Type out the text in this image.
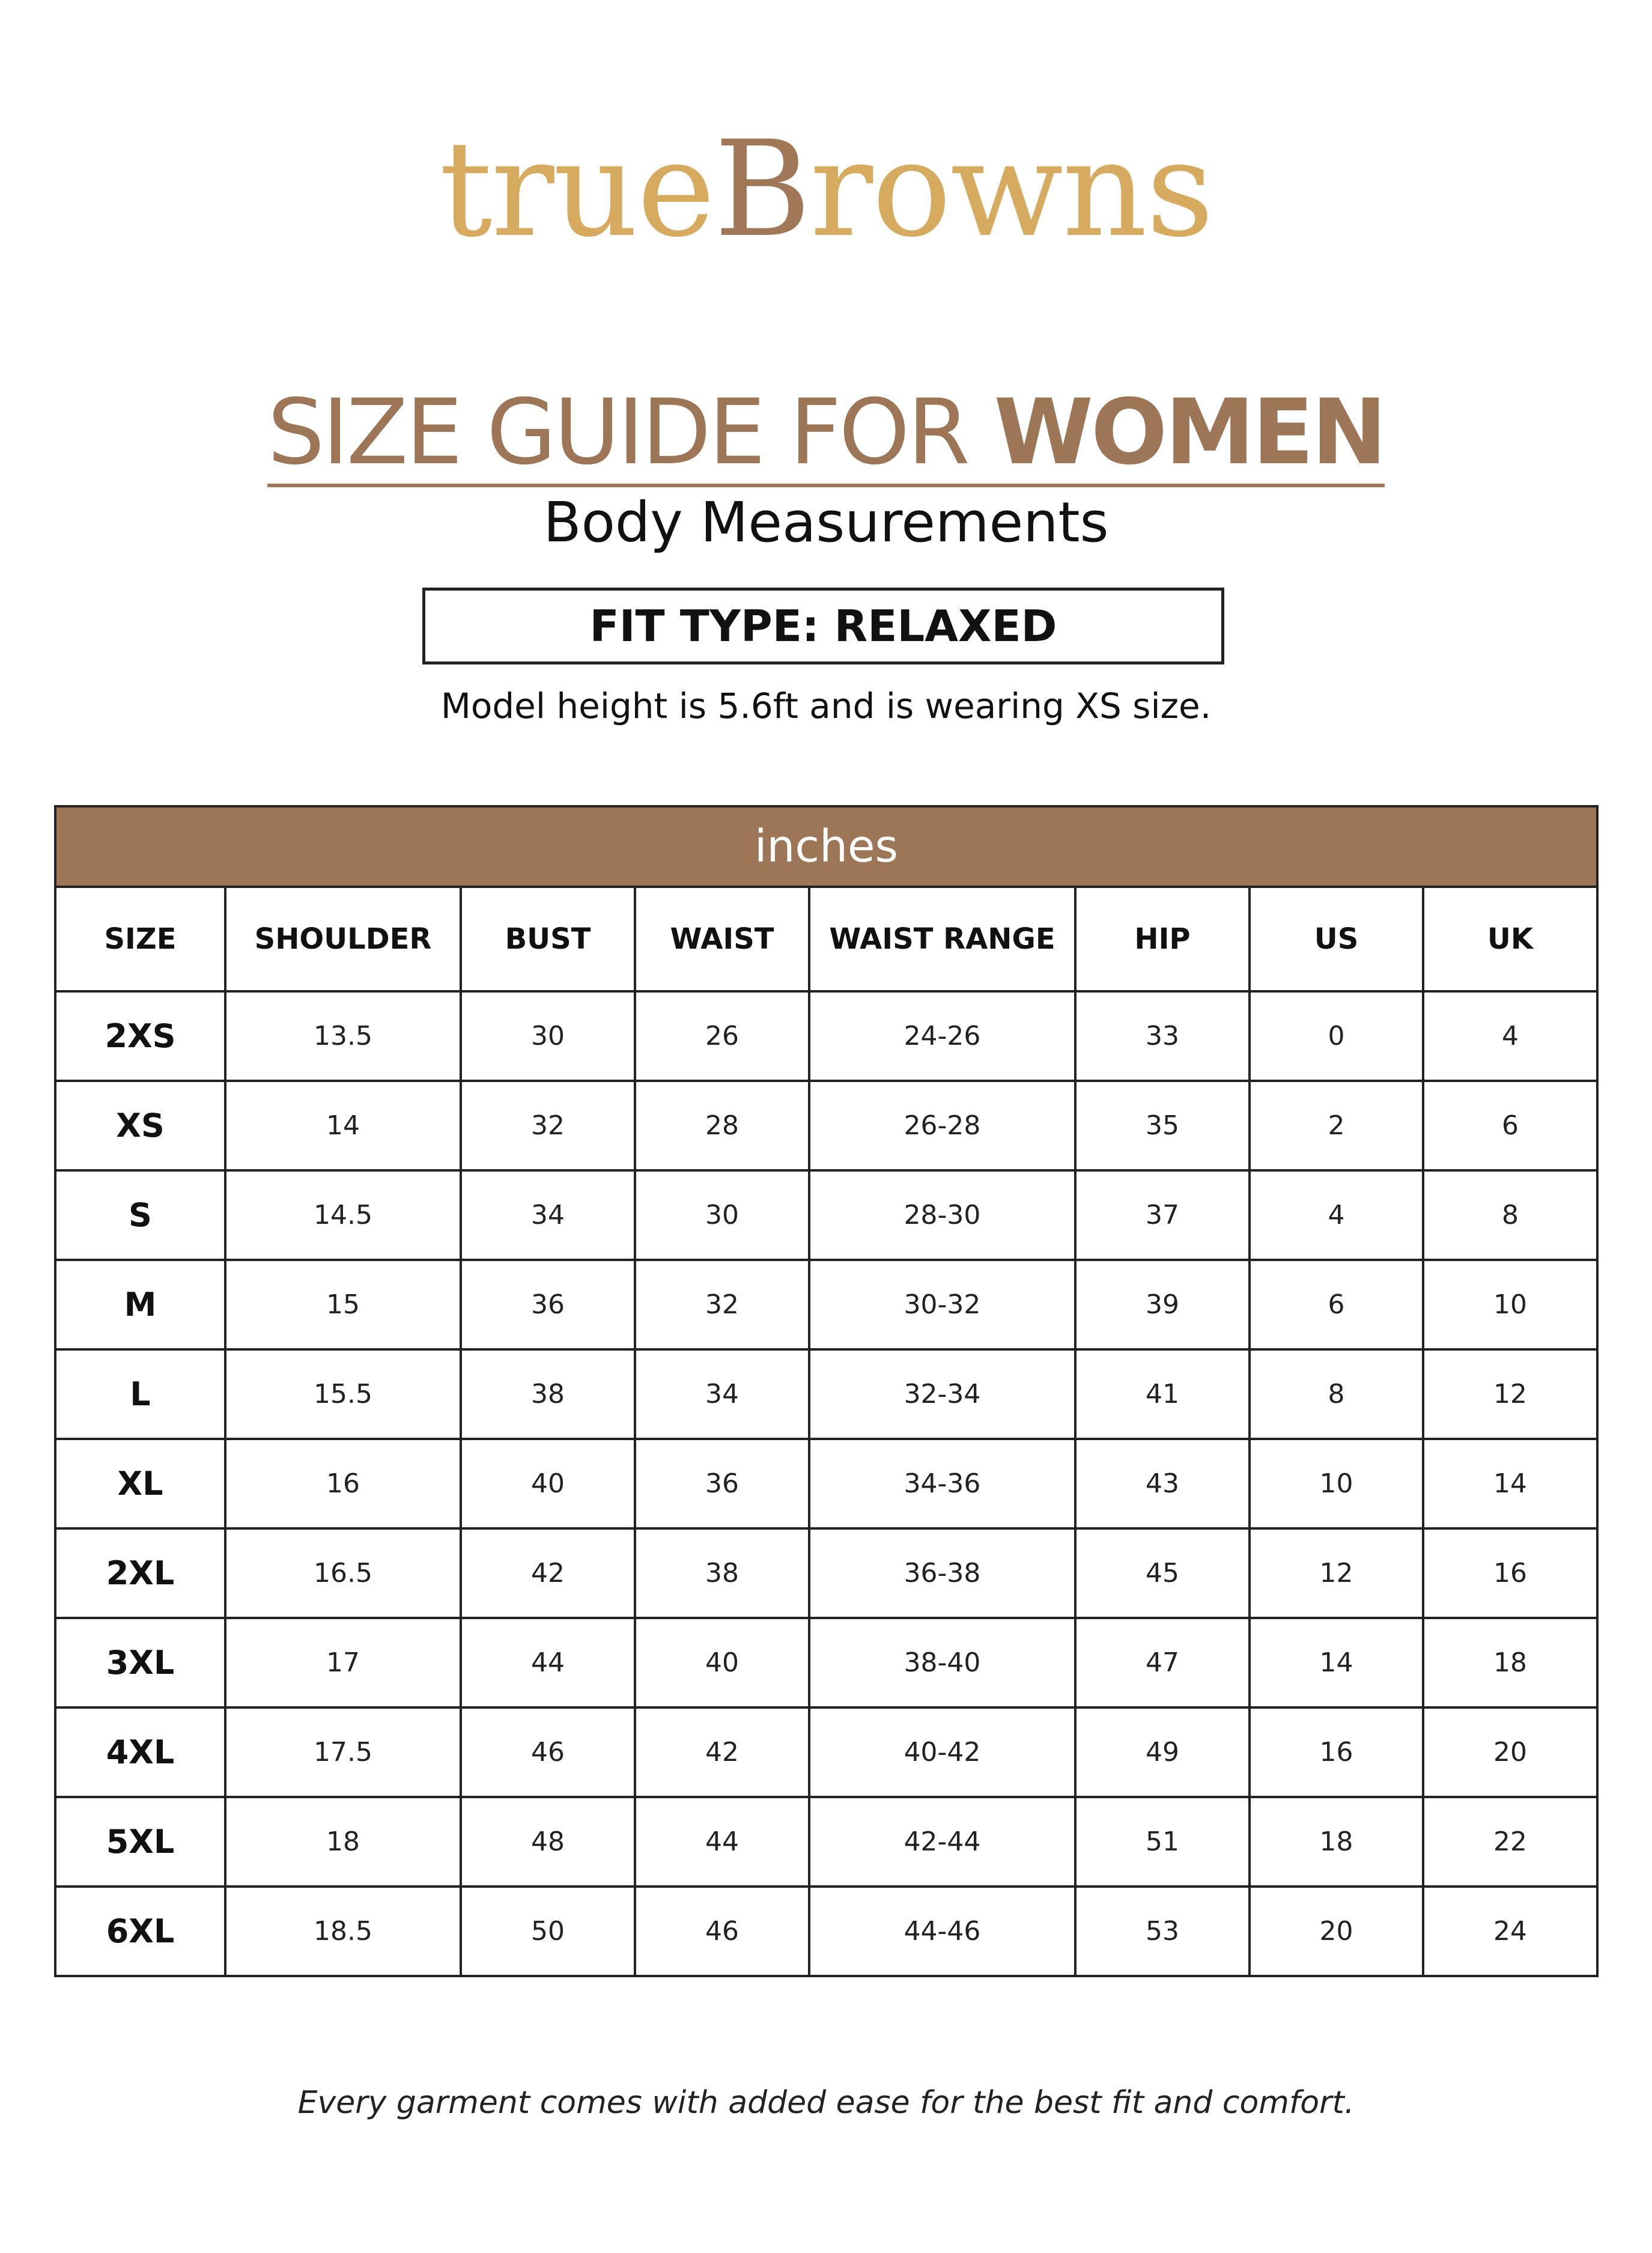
trueBrowns
SIZE GUIDE FOR WOMEN
Body Measurements
FIT TYPE: RELAXED
Model height is 5.6ft and is wearing XS size.
inches							
SIZE	SHOULDER	BUST	WAIST	WAIST RANGE	HIP	US	UK
2XS	13.5	30	26	24-26	33	0	4
XS	14	32	28	26-28	35	2	6
S	14.5	34	30	28-30	37	4	8
M	15	36	32	30-32	39	6	10
L	15.5	38	34	32-34	41	8	12
XL	16	40	36	34-36	43	10	14
2XL	16.5	42	38	36-38	45	12	16
3XL	17	44	40	38-40	47	14	18
4XL	17.5	46	42	40-42	49	16	20
5XL	18	48	44	42-44	51	18	22
6XL	18.5	50	46	44-46	53	20	24
Every garment comes with added ease for the best fit and comfort.
